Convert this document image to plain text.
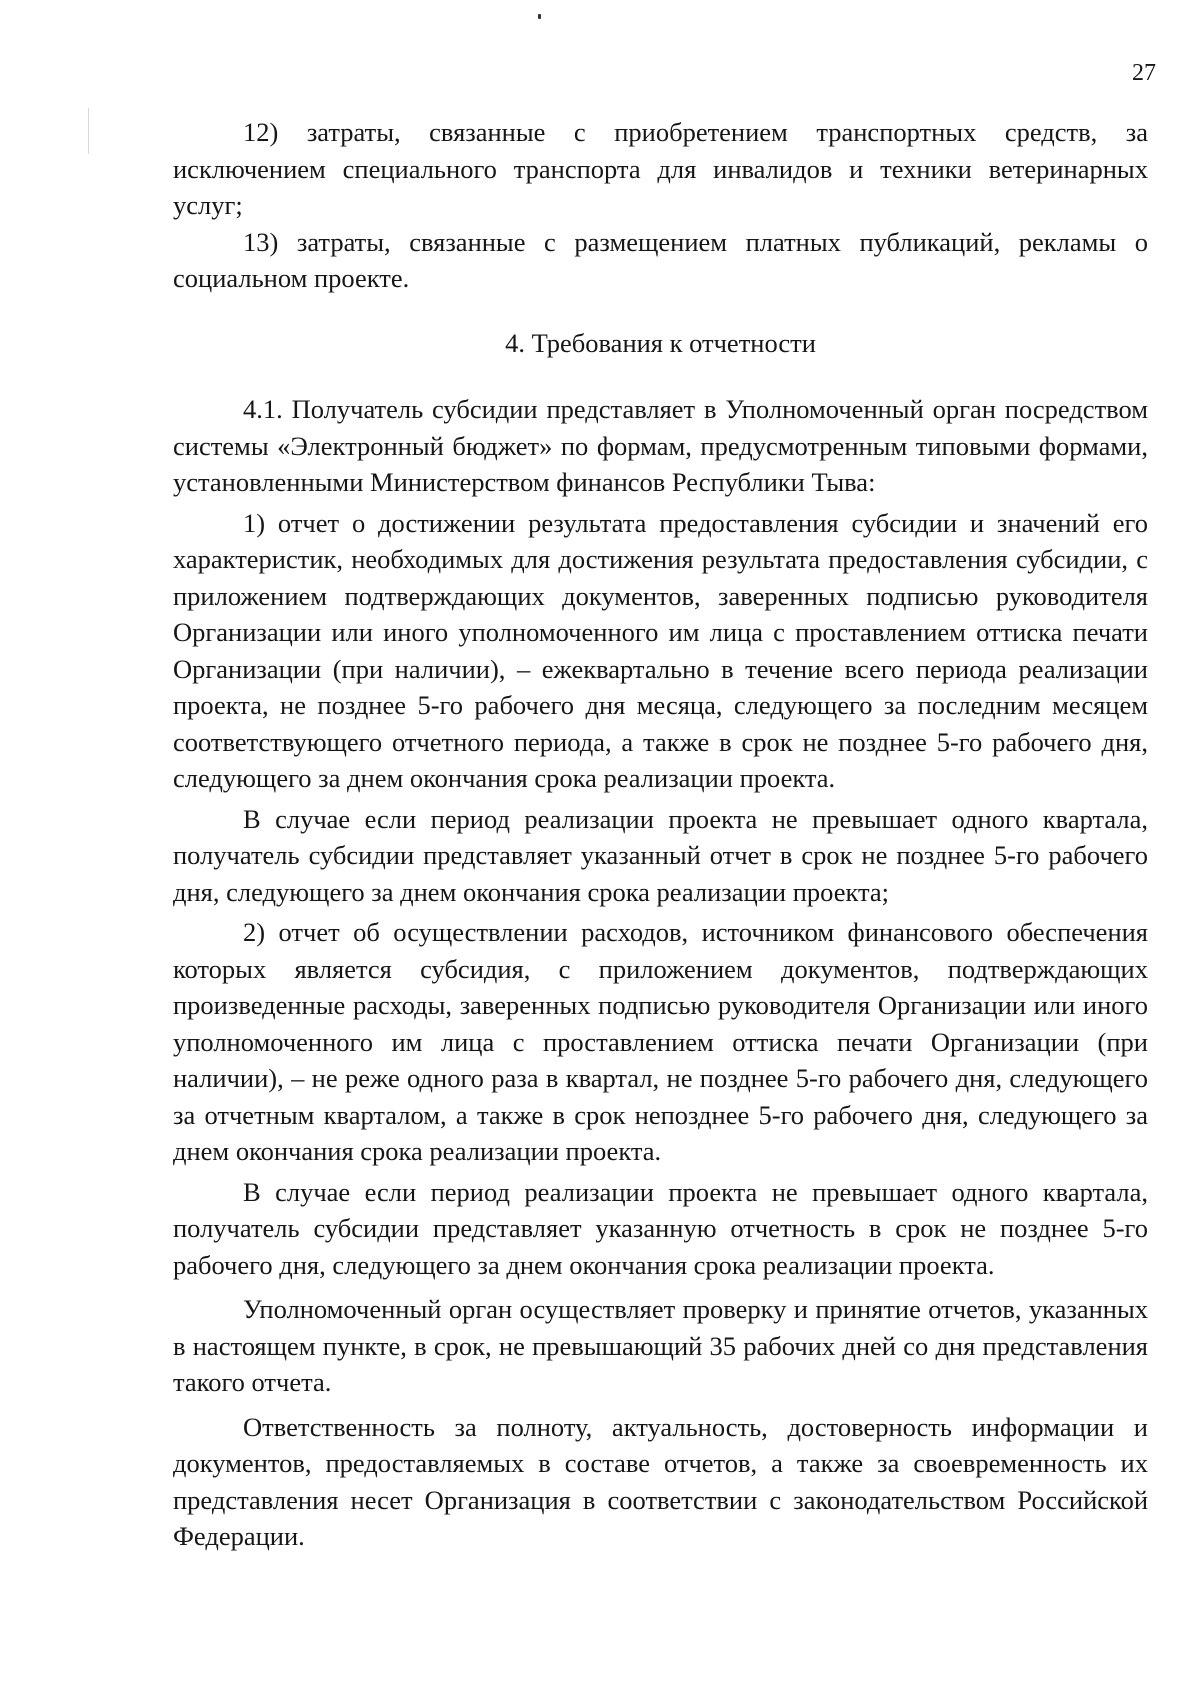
27

12) затраты, связанные с приобретением транспортных средств, за исключением специального транспорта для инвалидов и техники ветеринарных услуг;

13) затраты, связанные с размещением платных публикаций, рекламы о социальном проекте.

4. Требования к отчетности

4.1. Получатель субсидии представляет в Уполномоченный орган посредством системы «Электронный бюджет» по формам, предусмотренным типовыми формами, установленными Министерством финансов Республики Тыва:

1) отчет о достижении результата предоставления субсидии и значений его характеристик, необходимых для достижения результата предоставления субсидии, с приложением подтверждающих документов, заверенных подписью руководителя Организации или иного уполномоченного им лица с проставлением оттиска печати Организации (при наличии), – ежеквартально в течение всего периода реализации проекта, не позднее 5-го рабочего дня месяца, следующего за последним месяцем соответствующего отчетного периода, а также в срок не позднее 5-го рабочего дня, следующего за днем окончания срока реализации проекта.

В случае если период реализации проекта не превышает одного квартала, получатель субсидии представляет указанный отчет в срок не позднее 5-го рабочего дня, следующего за днем окончания срока реализации проекта;

2) отчет об осуществлении расходов, источником финансового обеспечения которых является субсидия, с приложением документов, подтверждающих произведенные расходы, заверенных подписью руководителя Организации или иного уполномоченного им лица с проставлением оттиска печати Организации (при наличии), – не реже одного раза в квартал, не позднее 5-го рабочего дня, следующего за отчетным кварталом, а также в срок непозднее 5-го рабочего дня, следующего за днем окончания срока реализации проекта.

В случае если период реализации проекта не превышает одного квартала, получатель субсидии представляет указанную отчетность в срок не позднее 5-го рабочего дня, следующего за днем окончания срока реализации проекта.

Уполномоченный орган осуществляет проверку и принятие отчетов, указанных в настоящем пункте, в срок, не превышающий 35 рабочих дней со дня представления такого отчета.

Ответственность за полноту, актуальность, достоверность информации и документов, предоставляемых в составе отчетов, а также за своевременность их представления несет Организация в соответствии с законодательством Российской Федерации.
